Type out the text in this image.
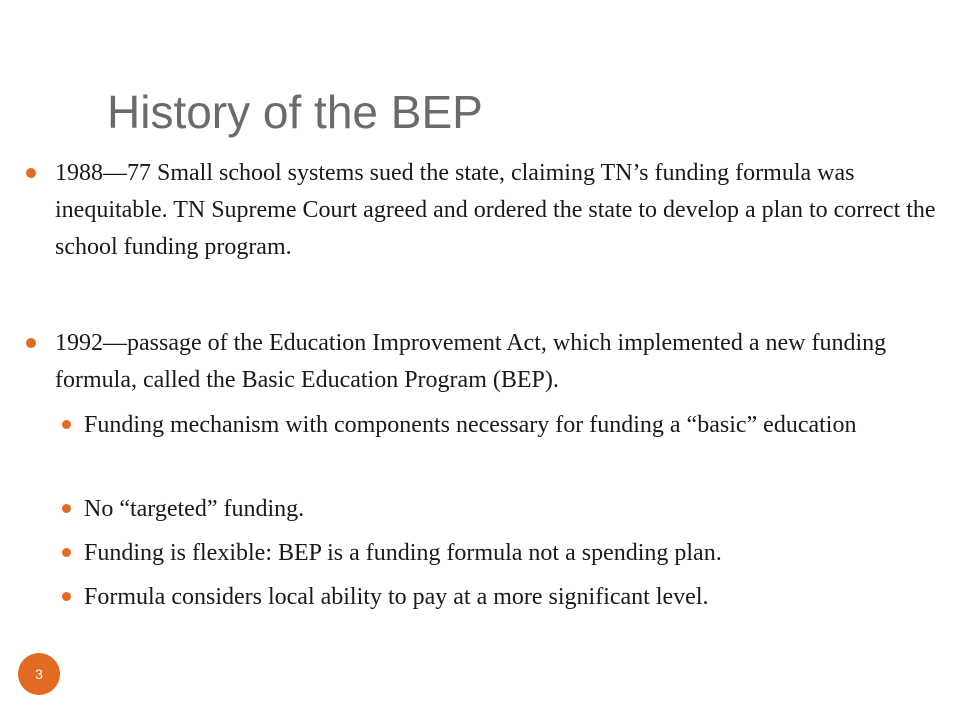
History of the BEP
1988—77 Small school systems sued the state, claiming TN’s funding formula was inequitable. TN Supreme Court agreed and ordered the state to develop a plan to correct the school funding program.
1992—passage of the Education Improvement Act, which implemented a new funding formula, called the Basic Education Program (BEP).
Funding mechanism with components necessary for funding a “basic” education
No “targeted” funding.
Funding is flexible: BEP is a funding formula not a spending plan.
Formula considers local ability to pay at a more significant level.
3
